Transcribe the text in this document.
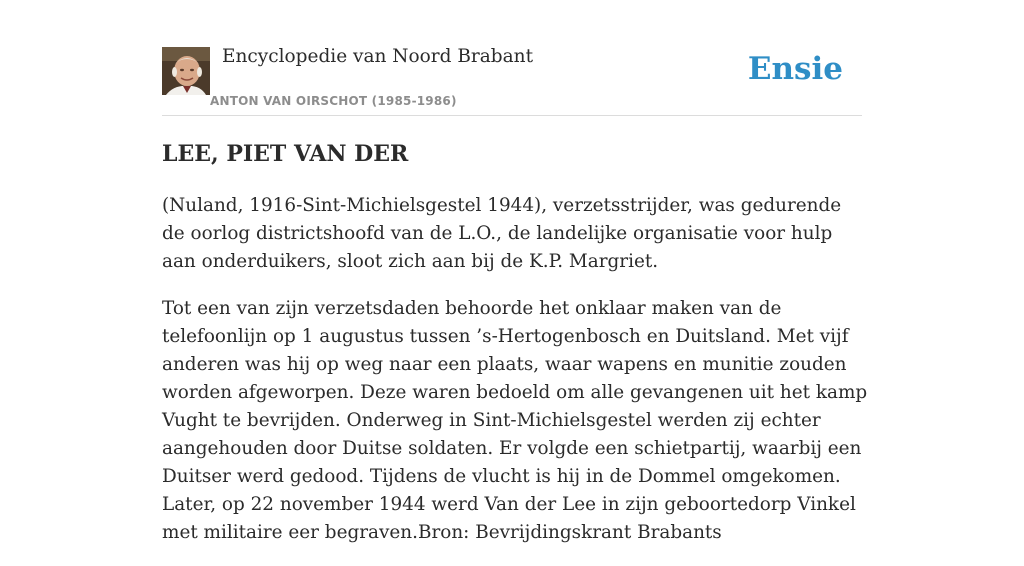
Encyclopedie van Noord Brabant
ANTON VAN OIRSCHOT (1985-1986)
Ensie
LEE, PIET VAN DER

(Nuland, 1916-Sint-Michielsgestel 1944), verzetsstrijder, was gedurende de oorlog districtshoofd van de L.O., de landelijke organisatie voor hulp aan onderduikers, sloot zich aan bij de K.P. Margriet.

Tot een van zijn verzetsdaden behoorde het onklaar maken van de telefoonlijn op 1 augustus tussen ’s-Hertogenbosch en Duitsland. Met vijf anderen was hij op weg naar een plaats, waar wapens en munitie zouden worden afgeworpen. Deze waren bedoeld om alle gevangenen uit het kamp Vught te bevrijden. Onderweg in Sint-Michielsgestel werden zij echter aangehouden door Duitse soldaten. Er volgde een schietpartij, waarbij een Duitser werd gedood. Tijdens de vlucht is hij in de Dommel omgekomen. Later, op 22 november 1944 werd Van der Lee in zijn geboortedorp Vinkel met militaire eer begraven.Bron: Bevrijdingskrant Brabants
